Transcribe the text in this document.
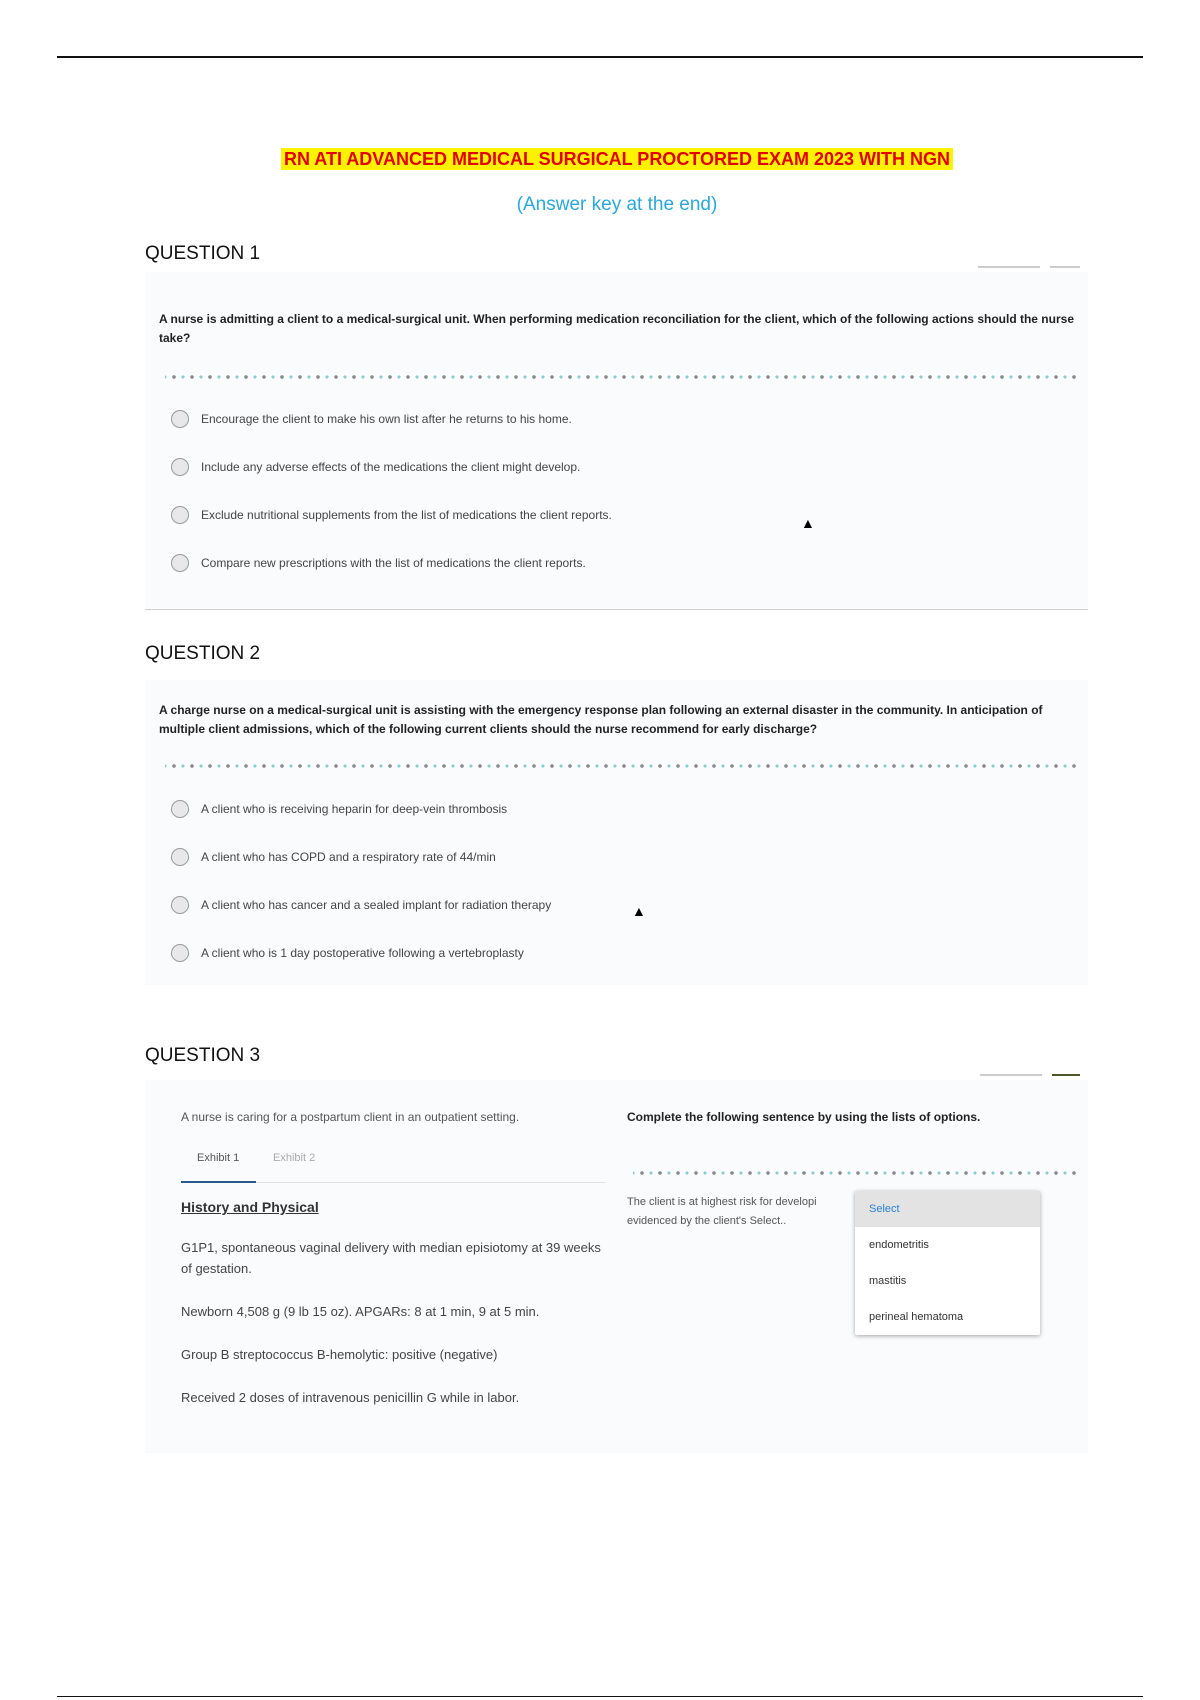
RN ATI ADVANCED MEDICAL SURGICAL PROCTORED EXAM 2023 WITH NGN
(Answer key at the end)
QUESTION 1
A nurse is admitting a client to a medical-surgical unit. When performing medication reconciliation for the client, which of the following actions should the nurse take?
Encourage the client to make his own list after he returns to his home.
Include any adverse effects of the medications the client might develop.
Exclude nutritional supplements from the list of medications the client reports.
Compare new prescriptions with the list of medications the client reports.
▲
QUESTION 2
A charge nurse on a medical-surgical unit is assisting with the emergency response plan following an external disaster in the community. In anticipation of multiple client admissions, which of the following current clients should the nurse recommend for early discharge?
A client who is receiving heparin for deep-vein thrombosis
A client who has COPD and a respiratory rate of 44/min
A client who has cancer and a sealed implant for radiation therapy
A client who is 1 day postoperative following a vertebroplasty
▲
QUESTION 3
A nurse is caring for a postpartum client in an outpatient setting.
Exhibit 1	Exhibit 2
History and Physical
G1P1, spontaneous vaginal delivery with median episiotomy at 39 weeks of gestation.
Newborn 4,508 g (9 lb 15 oz). APGARs: 8 at 1 min, 9 at 5 min.
Group B streptococcus B-hemolytic: positive (negative)
Received 2 doses of intravenous penicillin G while in labor.
Complete the following sentence by using the lists of options.
The client is at highest risk for developi
evidenced by the client's Select..
Select
endometritis
mastitis
perineal hematoma
